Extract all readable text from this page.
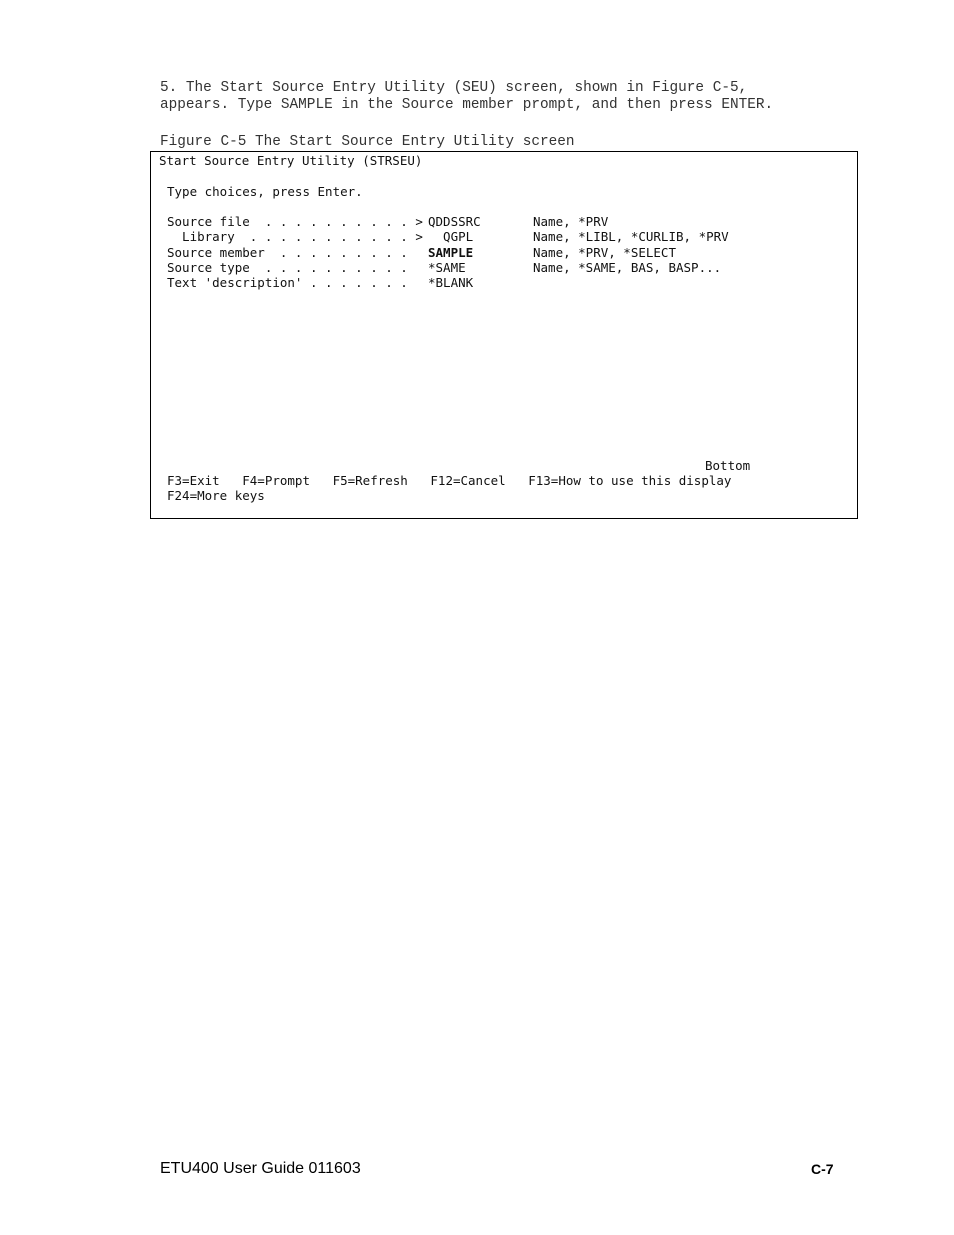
5. The Start Source Entry Utility (SEU) screen, shown in Figure C-5,
appears. Type SAMPLE in the Source member prompt, and then press ENTER.
Figure C-5 The Start Source Entry Utility screen
Start Source Entry Utility (STRSEU)
Type choices, press Enter.
Source file  . . . . . . . . . . > QDDSSRC	Name, *PRV
Library  . . . . . . . . . . . > QGPL	Name, *LIBL, *CURLIB, *PRV
Source member  . . . . . . . . . SAMPLE	Name, *PRV, *SELECT
Source type  . . . . . . . . . . *SAME	Name, *SAME, BAS, BASP...
Text 'description' . . . . . . . *BLANK
Bottom
F3=Exit   F4=Prompt   F5=Refresh   F12=Cancel   F13=How to use this display
F24=More keys
ETU400 User Guide 011603	C-7
